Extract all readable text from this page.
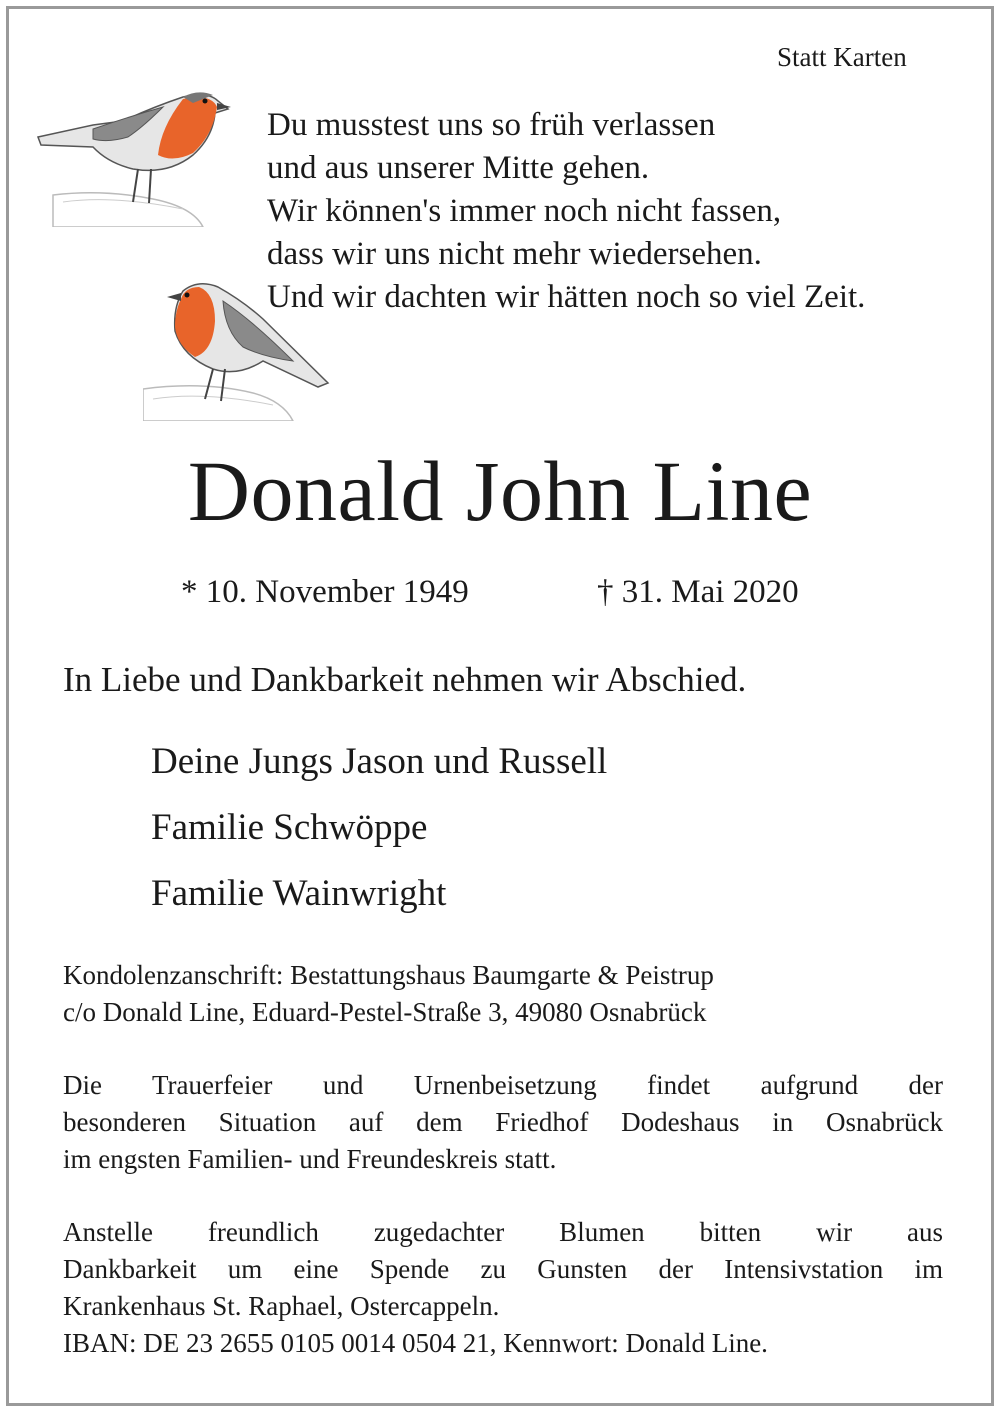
Statt Karten
Du musstest uns so früh verlassen
und aus unserer Mitte gehen.
Wir können's immer noch nicht fassen,
dass wir uns nicht mehr wiedersehen.
Und wir dachten wir hätten noch so viel Zeit.
Donald John Line
* 10. November 1949	† 31. Mai 2020
In Liebe und Dankbarkeit nehmen wir Abschied.
Deine Jungs Jason und Russell
Familie Schwöppe
Familie Wainwright
Kondolenzanschrift: Bestattungshaus Baumgarte & Peistrup
c/o Donald Line, Eduard-Pestel-Straße 3, 49080 Osnabrück
Die Trauerfeier und Urnenbeisetzung findet aufgrund der
besonderen Situation auf dem Friedhof Dodeshaus in Osnabrück
im engsten Familien- und Freundeskreis statt.
Anstelle freundlich zugedachter Blumen bitten wir aus
Dankbarkeit um eine Spende zu Gunsten der Intensivstation im
Krankenhaus St. Raphael, Ostercappeln.
IBAN: DE 23 2655 0105 0014 0504 21, Kennwort: Donald Line.
